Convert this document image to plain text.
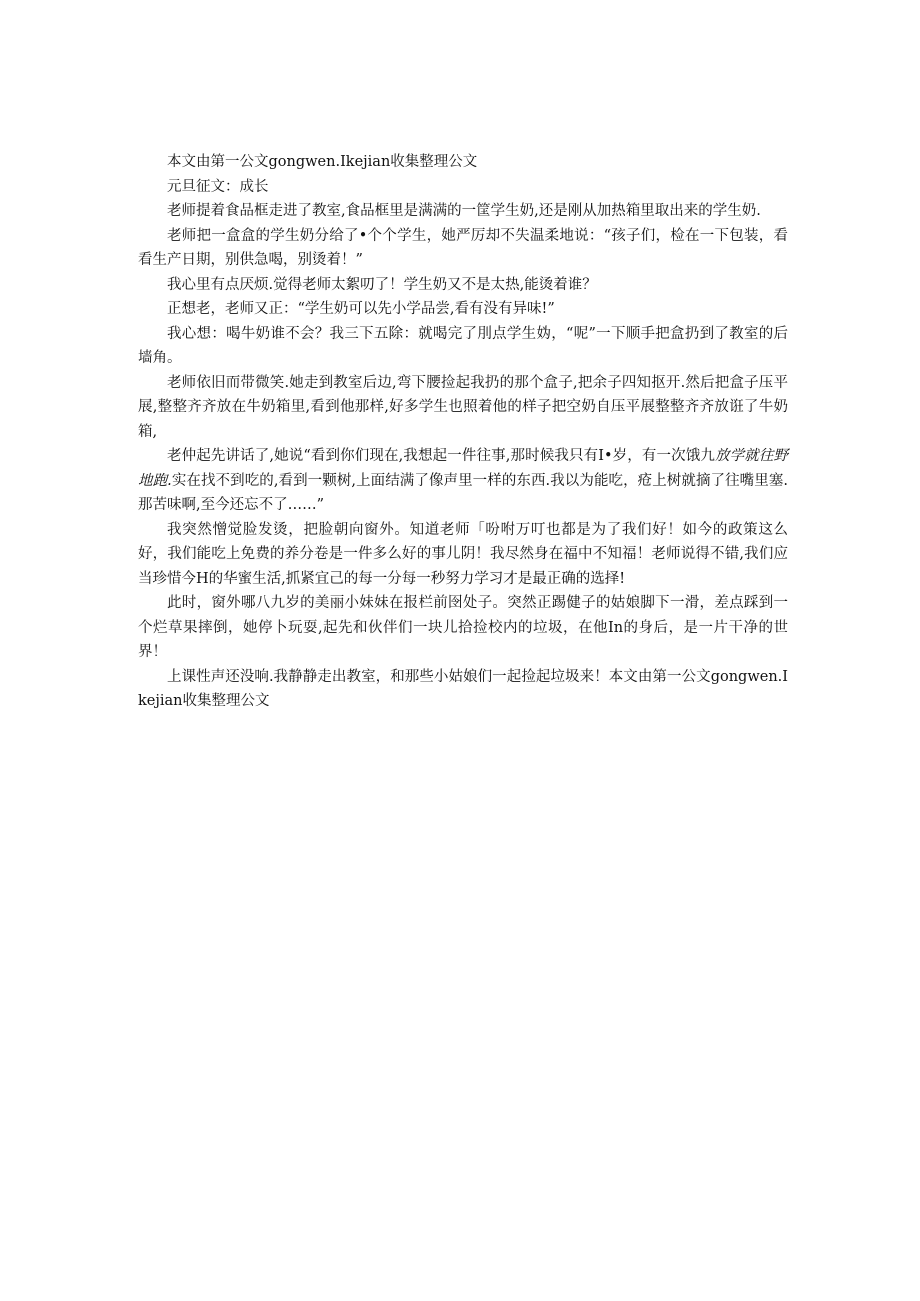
本文由第一公文gongwen.Ikejian收集整理公文

元旦征文：成长

老师提着食品框走进了教室,食品框里是满满的一筐学生奶,还是刚从加热箱里取出来的学生奶.

老师把一盒盒的学生奶分给了•个个学生，她严厉却不失温柔地说：“孩子们，检在一下包装，看看生产日期，别供急喝，别烫着！”

我心里有点厌烦.觉得老师太絮叨了！学生奶又不是太热,能烫着谁？

正想老，老师又正：“学生奶可以先小学品尝,看有没有异味!”

我心想：喝牛奶谁不会？我三下五除：就喝完了刖点学生妫，“呢”一下顺手把盒扔到了教室的后墙角。

老师依旧而带微笑.她走到教室后边,弯下腰捡起我扔的那个盒子,把余子四知抠开.然后把盒子压平展,整整齐齐放在牛奶箱里,看到他那样,好多学生也照着他的样子把空奶自压平展整整齐齐放诳了牛奶箱,

老仲起先讲话了,她说“看到你们现在,我想起一件往事,那时候我只有I•岁，有一次饿九放学就往野地跑.实在找不到吃的,看到一颗树,上面结满了像声里一样的东西.我以为能吃，疮上树就摘了往嘴里塞.那苦味啊,至今还忘不了……”

我突然憎觉脸发烫，把脸朝向窗外。知道老师「吩咐万叮也都是为了我们好！如今的政策这么好，我们能吃上免费的养分卷是一件多么好的事儿阴！我尽然身在福中不知福！老师说得不错,我们应当珍惜今H的华蜜生活,抓紧宜己的每一分每一秒努力学习才是最正确的选择!

此时，窗外哪八九岁的美丽小妹妹在报栏前囹处子。突然正踢健子的姑娘脚下一滑，差点踩到一个烂草果摔倒，她停卜玩耍,起先和伙伴们一块儿拾捡校内的垃圾，在他In的身后，是一片干净的世界！

上课性声还没响.我静静走出教室，和那些小姑娘们一起捡起垃圾来！本文由第一公文gongwen.Ikejian收集整理公文
